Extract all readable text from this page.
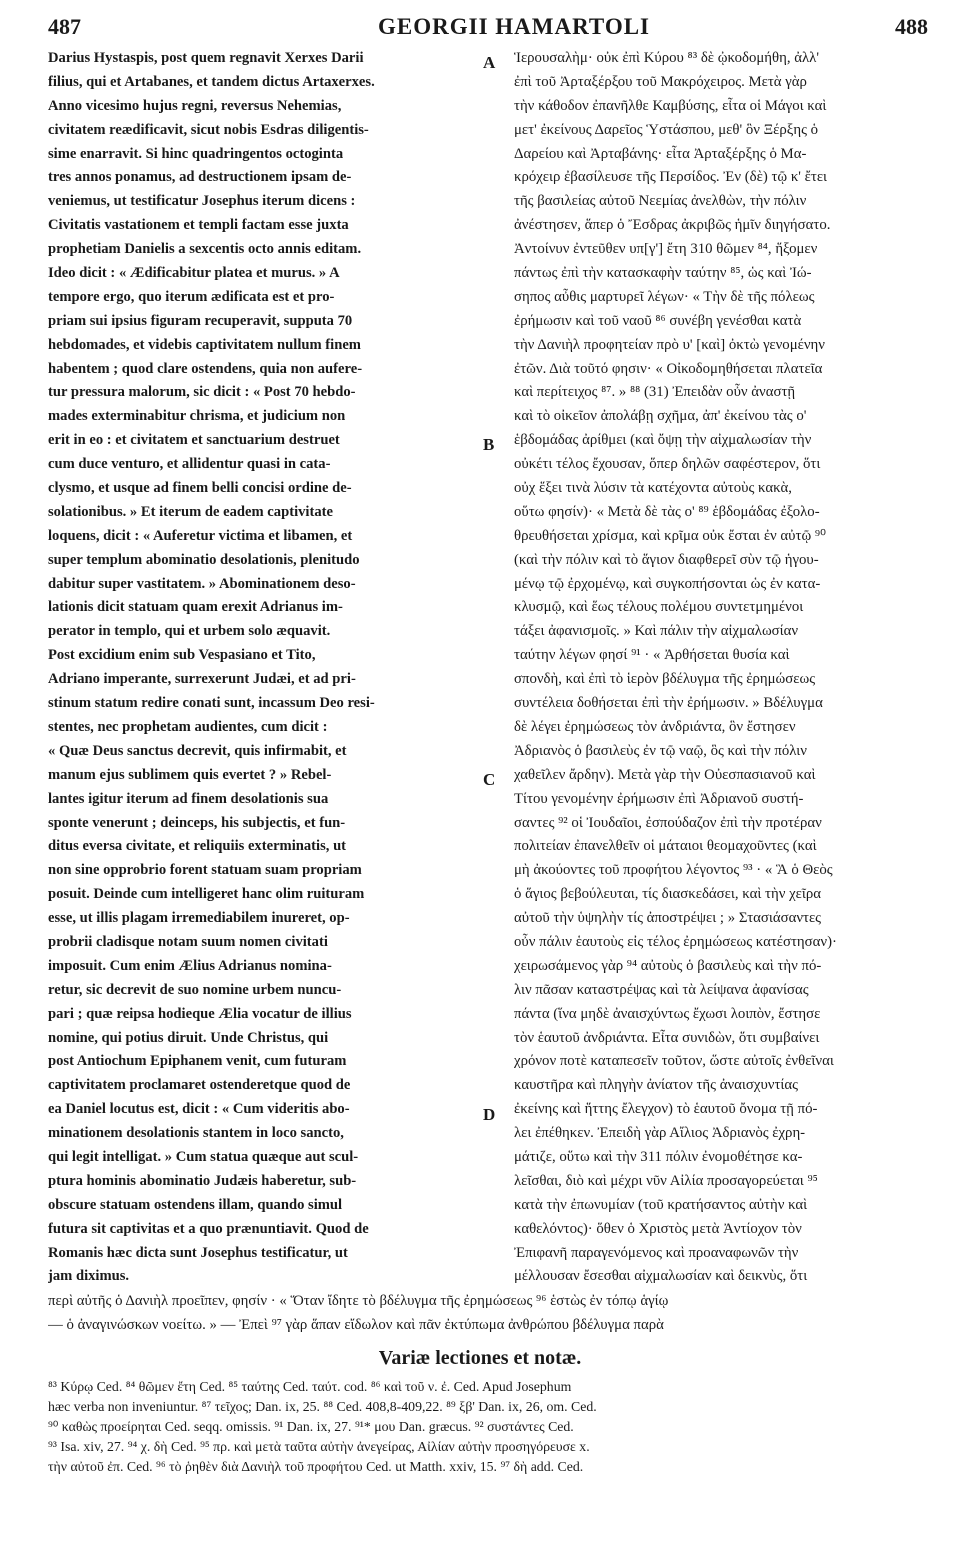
487	GEORGII HAMARTOLI	488
Darius Hystaspis, post quem regnavit Xerxes Darii
filius, qui et Artabanes, et tandem dictus Artaxerxes.
Anno vicesimo hujus regni, reversus Nehemias,
civitatem reædificavit, sicut nobis Esdras diligentis-
sime enarravit. Si hinc quadringentos octoginta
tres annos ponamus, ad destructionem ipsam de-
veniemus, ut testificatur Josephus iterum dicens :
Civitatis vastationem et templi factam esse juxta
prophetiam Danielis a sexcentis octo annis editam.
Ideo dicit : « Ædificabitur platea et murus. » A
tempore ergo, quo iterum ædificata est et pro-
priam sui ipsius figuram recuperavit, supputa 70
hebdomades, et videbis captivitatem nullum finem
habentem ; quod clare ostendens, quia non aufere-
tur pressura malorum, sic dicit : « Post 70 hebdo-
mades exterminabitur chrisma, et judicium non
erit in eo : et civitatem et sanctuarium destruet
cum duce venturo, et allidentur quasi in cata-
clysmo, et usque ad finem belli concisi ordine de-
solationibus. » Et iterum de eadem captivitate
loquens, dicit : « Auferetur victima et libamen, et
super templum abominatio desolationis, plenitudo
dabitur super vastitatem. » Abominationem deso-
lationis dicit statuam quam erexit Adrianus im-
perator in templo, qui et urbem solo æquavit.
Post excidium enim sub Vespasiano et Tito,
Adriano imperante, surrexerunt Judæi, et ad pri-
stinum statum redire conati sunt, incassum Deo resi-
stentes, nec prophetam audientes, cum dicit :
« Quæ Deus sanctus decrevit, quis infirmabit, et
manum ejus sublimem quis evertet ? » Rebel-
lantes igitur iterum ad finem desolationis sua
sponte venerunt ; deinceps, his subjectis, et fun-
ditus eversa civitate, et reliquiis exterminatis, ut
non sine opprobrio forent statuam suam propriam
posuit. Deinde cum intelligeret hanc olim ruituram
esse, ut illis plagam irremediabilem inureret, op-
probrii cladisque notam suum nomen civitati
imposuit. Cum enim Ælius Adrianus nomina-
retur, sic decrevit de suo nomine urbem nuncu-
pari ; quæ reipsa hodieque Ælia vocatur de illius
nomine, qui potius diruit. Unde Christus, qui
post Antiochum Epiphanem venit, cum futuram
captivitatem proclamaret ostenderetque quod de
ea Daniel locutus est, dicit : « Cum videritis abo-
minationem desolationis stantem in loco sancto,
qui legit intelligat. » Cum statua quæque aut scul-
ptura hominis abominatio Judæis haberetur, sub-
obscure statuam ostendens illam, quando simul
futura sit captivitas et a quo prænuntiavit. Quod de
Romanis hæc dicta sunt Josephus testificatur, ut
jam diximus.
Ἱερουσαλὴμ· οὐκ ἐπὶ Κύρου ⁸³ δὲ ᾠκοδομήθη, ἀλλ'
ἐπὶ τοῦ Ἀρταξέρξου τοῦ Μακρόχειρος. Μετὰ γὰρ
τὴν κάθοδον ἐπανῆλθε Καμβύσης, εἶτα οἱ Μάγοι καὶ
μετ' ἐκείνους Δαρεῖος Ὑστάσπου, μεθ' ὃν Ξέρξης ὁ
Δαρείου καὶ Ἀρταβάνης· εἶτα Ἀρταξέρξης ὁ Μα-
κρόχειρ ἐβασίλευσε τῆς Περσίδος. Ἐν (δὲ) τῷ κ' ἔτει
τῆς βασιλείας αὐτοῦ Νεεμίας ἀνελθὼν, τὴν πόλιν
ἀνέστησεν, ἅπερ ὁ Ἔσδρας ἀκριβῶς ἡμῖν διηγήσατο.
Ἀντοίνυν ἐντεῦθεν υπ[γ'] ἔτη 310 θῶμεν ⁸⁴, ἥξομεν
πάντως ἐπὶ τὴν κατασκαφὴν ταύτην ⁸⁵, ὡς καὶ Ἰώ-
σηπος αὖθις μαρτυρεῖ λέγων· « Τὴν δὲ τῆς πόλεως
ἐρήμωσιν καὶ τοῦ ναοῦ ⁸⁶ συνέβη γενέσθαι κατὰ
τὴν Δανιὴλ προφητείαν πρὸ υ' [καὶ] ὀκτὼ γενομένην
ἐτῶν. Διὰ τοῦτό φησιν· « Οἰκοδομηθήσεται πλατεῖα
καὶ περίτειχος ⁸⁷. » ⁸⁸ (31) Ἐπειδὰν οὖν ἀναστῇ
καὶ τὸ οἰκεῖον ἀπολάβῃ σχῆμα, ἀπ' ἐκείνου τὰς ο'
ἑβδομάδας ἀρίθμει (καὶ ὄψῃ τὴν αἰχμαλωσίαν τὴν
οὐκέτι τέλος ἔχουσαν, ὅπερ δηλῶν σαφέστερον, ὅτι
οὐχ ἕξει τινὰ λύσιν τὰ κατέχοντα αὐτοὺς κακὰ,
οὕτω φησίν)· « Μετὰ δὲ τὰς ο' ⁸⁹ ἑβδομάδας ἐξολο-
θρευθήσεται χρίσμα, καὶ κρῖμα οὐκ ἔσται ἐν αὐτῷ ⁹⁰
(καὶ τὴν πόλιν καὶ τὸ ἅγιον διαφθερεῖ σὺν τῷ ἡγου-
μένῳ τῷ ἐρχομένῳ, καὶ συγκοπήσονται ὡς ἐν κατα-
κλυσμῷ, καὶ ἕως τέλους πολέμου συντετμημένοι
τάξει ἀφανισμοῖς. » Καὶ πάλιν τὴν αἰχμαλωσίαν
ταύτην λέγων φησί ⁹¹ · « Ἀρθήσεται θυσία καὶ
σπονδὴ, καὶ ἐπὶ τὸ ἱερὸν βδέλυγμα τῆς ἐρημώσεως
συντέλεια δοθήσεται ἐπὶ τὴν ἐρήμωσιν. » Βδέλυγμα
δὲ λέγει ἐρημώσεως τὸν ἀνδριάντα, ὃν ἔστησεν
Ἀδριανὸς ὁ βασιλεὺς ἐν τῷ ναῷ, ὃς καὶ τὴν πόλιν
χαθεῖλεν ἄρδην). Μετὰ γὰρ τὴν Οὐεσπασιανοῦ καὶ
Τίτου γενομένην ἐρήμωσιν ἐπὶ Ἀδριανοῦ συστή-
σαντες ⁹² οἱ Ἰουδαῖοι, ἐσπούδαζον ἐπὶ τὴν προτέραν
πολιτείαν ἐπανελθεῖν οἱ μάταιοι θεομαχοῦντες (καὶ
μὴ ἀκούοντες τοῦ προφήτου λέγοντος ⁹³ · « Ἃ ὁ Θεὸς
ὁ ἅγιος βεβούλευται, τίς διασκεδάσει, καὶ τὴν χεῖρα
αὐτοῦ τὴν ὑψηλὴν τίς ἀποστρέψει ; » Στασιάσαντες
οὖν πάλιν ἑαυτοὺς εἰς τέλος ἐρημώσεως κατέστησαν)·
χειρωσάμενος γὰρ ⁹⁴ αὐτοὺς ὁ βασιλεὺς καὶ τὴν πό-
λιν πᾶσαν καταστρέψας καὶ τὰ λείψανα ἀφανίσας
πάντα (ἵνα μηδὲ ἀναισχύντως ἔχωσι λοιπὸν, ἔστησε
τὸν ἑαυτοῦ ἀνδριάντα. Εἶτα συνιδὼν, ὅτι συμβαίνει
χρόνον ποτὲ καταπεσεῖν τοῦτον, ὥστε αὐτοῖς ἐνθεῖναι
καυστῆρα καὶ πληγὴν ἀνίατον τῆς ἀναισχυντίας
ἐκείνης καὶ ἥττης ἔλεγχον) τὸ ἑαυτοῦ ὄνομα τῇ πό-
λει ἐπέθηκεν. Ἐπειδὴ γὰρ Αἴλιος Ἀδριανὸς ἐχρη-
μάτιζε, οὕτω καὶ τὴν 311 πόλιν ἐνομοθέτησε κα-
λεῖσθαι, διὸ καὶ μέχρι νῦν Αἰλία προσαγορεύεται ⁹⁵
κατὰ τὴν ἐπωνυμίαν (τοῦ κρατήσαντος αὐτὴν καὶ
καθελόντος)· ὅθεν ὁ Χριστὸς μετὰ Ἀντίοχον τὸν
Ἐπιφανῆ παραγενόμενος καὶ προαναφωνῶν τὴν
μέλλουσαν ἔσεσθαι αἰχμαλωσίαν καὶ δεικνὺς, ὅτι
A
B
C
D
περὶ αὐτῆς ὁ Δανιὴλ προεῖπεν, φησίν · « Ὅταν ἴδητε τὸ βδέλυγμα τῆς ἐρημώσεως ⁹⁶ ἑστὼς ἐν τόπῳ ἁγίῳ
— ὁ ἀναγινώσκων νοείτω. » — Ἐπεὶ ⁹⁷ γὰρ ἅπαν εἴδωλον καὶ πᾶν ἐκτύπωμα ἀνθρώπου βδέλυγμα παρὰ
Variæ lectiones et notæ.
⁸³ Κύρῳ Ced. ⁸⁴ θῶμεν ἔτη Ced. ⁸⁵ ταύτης Ced. ταύτ. cod. ⁸⁶ καὶ τοῦ ν. ἐ. Ced. Apud Josephum
hæc verba non inveniuntur. ⁸⁷ τεῖχος; Dan. ix, 25. ⁸⁸ Ced. 408,8-409,22. ⁸⁹ ξβ' Dan. ix, 26, om. Ced.
⁹⁰ καθὼς προείρηται Ced. seqq. omissis. ⁹¹ Dan. ix, 27. ⁹¹* μου Dan. græcus. ⁹² συστάντες Ced.
⁹³ Isa. xiv, 27. ⁹⁴ χ. δὴ Ced. ⁹⁵ πρ. καὶ μετὰ ταῦτα αὐτὴν ἀνεγείρας, Αἰλίαν αὐτὴν προσηγόρευσε x.
τὴν αὐτοῦ ἐπ. Ced. ⁹⁶ τὸ ῥηθὲν διὰ Δανιὴλ τοῦ προφήτου Ced. ut Matth. xxiv, 15. ⁹⁷ δὴ add. Ced.
